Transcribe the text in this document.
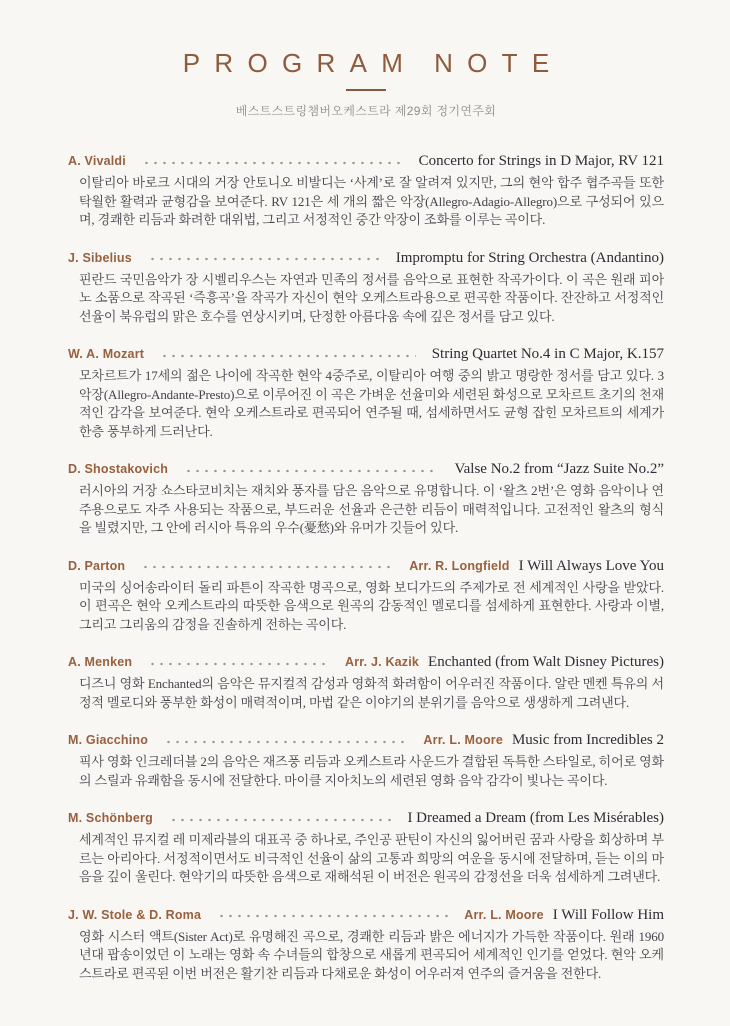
PROGRAM NOTE
베스트스트링챔버오케스트라 제29회 정기연주회
A. Vivaldi	Concerto for Strings in D Major, RV 121
이탈리아 바로크 시대의 거장 안토니오 비발디는 ‘사계’로 잘 알려져 있지만, 그의 현악 합주 협주곡들 또한 탁월한 활력과 균형감을 보여준다. RV 121은 세 개의 짧은 악장(Allegro-Adagio-Allegro)으로 구성되어 있으며, 경쾌한 리듬과 화려한 대위법, 그리고 서정적인 중간 악장이 조화를 이루는 곡이다.
J. Sibelius	Impromptu for String Orchestra (Andantino)
핀란드 국민음악가 장 시벨리우스는 자연과 민족의 정서를 음악으로 표현한 작곡가이다. 이 곡은 원래 피아노 소품으로 작곡된 ‘즉흥곡’을 작곡가 자신이 현악 오케스트라용으로 편곡한 작품이다. 잔잔하고 서정적인 선율이 북유럽의 맑은 호수를 연상시키며, 단정한 아름다움 속에 깊은 정서를 담고 있다.
W. A. Mozart	String Quartet No.4 in C Major, K.157
모차르트가 17세의 젊은 나이에 작곡한 현악 4중주로, 이탈리아 여행 중의 밝고 명랑한 정서를 담고 있다. 3악장(Allegro-Andante-Presto)으로 이루어진 이 곡은 가벼운 선율미와 세련된 화성으로 모차르트 초기의 천재적인 감각을 보여준다. 현악 오케스트라로 편곡되어 연주될 때, 섬세하면서도 균형 잡힌 모차르트의 세계가 한층 풍부하게 드러난다.
D. Shostakovich	Valse No.2 from “Jazz Suite No.2”
러시아의 거장 쇼스타코비치는 재치와 풍자를 담은 음악으로 유명합니다. 이 ‘왈츠 2번’은 영화 음악이나 연주용으로도 자주 사용되는 작품으로, 부드러운 선율과 은근한 리듬이 매력적입니다. 고전적인 왈츠의 형식을 빌렸지만, 그 안에 러시아 특유의 우수(憂愁)와 유머가 깃들어 있다.
D. Parton	Arr. R. Longfield I Will Always Love You
미국의 싱어송라이터 돌리 파튼이 작곡한 명곡으로, 영화 보디가드의 주제가로 전 세계적인 사랑을 받았다. 이 편곡은 현악 오케스트라의 따뜻한 음색으로 원곡의 감동적인 멜로디를 섬세하게 표현한다. 사랑과 이별, 그리고 그리움의 감정을 진솔하게 전하는 곡이다.
A. Menken	Arr. J. Kazik Enchanted (from Walt Disney Pictures)
디즈니 영화 Enchanted의 음악은 뮤지컬적 감성과 영화적 화려함이 어우러진 작품이다. 알란 멘켄 특유의 서정적 멜로디와 풍부한 화성이 매력적이며, 마법 같은 이야기의 분위기를 음악으로 생생하게 그려낸다.
M. Giacchino	Arr. L. Moore Music from Incredibles 2
픽사 영화 인크레더블 2의 음악은 재즈풍 리듬과 오케스트라 사운드가 결합된 독특한 스타일로, 히어로 영화의 스릴과 유쾌함을 동시에 전달한다. 마이클 지아치노의 세련된 영화 음악 감각이 빛나는 곡이다.
M. Schönberg	I Dreamed a Dream (from Les Misérables)
세계적인 뮤지컬 레 미제라블의 대표곡 중 하나로, 주인공 판틴이 자신의 잃어버린 꿈과 사랑을 회상하며 부르는 아리아다. 서정적이면서도 비극적인 선율이 삶의 고통과 희망의 여운을 동시에 전달하며, 듣는 이의 마음을 깊이 울린다. 현악기의 따뜻한 음색으로 재해석된 이 버전은 원곡의 감정선을 더욱 섬세하게 그려낸다.
J. W. Stole & D. Roma	Arr. L. Moore I Will Follow Him
영화 시스터 액트(Sister Act)로 유명해진 곡으로, 경쾌한 리듬과 밝은 에너지가 가득한 작품이다. 원래 1960년대 팝송이었던 이 노래는 영화 속 수녀들의 합창으로 새롭게 편곡되어 세계적인 인기를 얻었다. 현악 오케스트라로 편곡된 이번 버전은 활기찬 리듬과 다채로운 화성이 어우러져 연주의 즐거움을 전한다.
